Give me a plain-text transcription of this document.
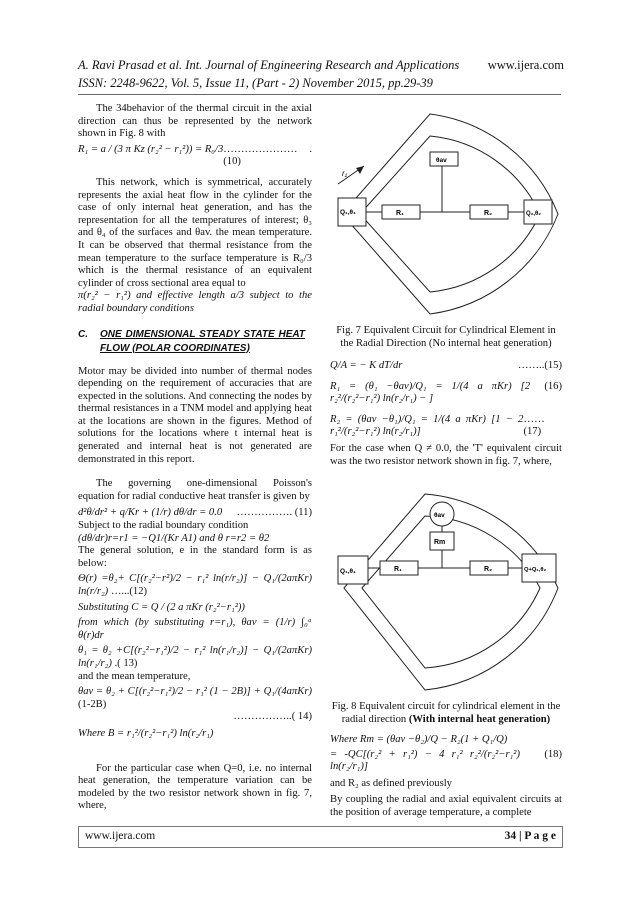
A. Ravi Prasad et al. Int. Journal of Engineering Research and Applications www.ijera.com
ISSN: 2248-9622, Vol. 5, Issue 11, (Part - 2) November 2015, pp.29-39

The 34behavior of the thermal circuit in the axial direction can thus be represented by the network shown in Fig. 8 with

R₁ = a / (3 π Kz (r₂² − r₁²)) = R₀/3 ………………… .(10)

This network, which is symmetrical, accurately represents the axial heat flow in the cylinder for the case of only internal heat generation, and has the representation for all the temperatures of interest; θ₃ and θ₄ of the surfaces and θav. the mean temperature. It can be observed that thermal resistance from the mean temperature to the surface temperature is R₀/3 which is the thermal resistance of an equivalent cylinder of cross sectional area equal to

π(r₂² − r₁²) and effective length a/3 subject to the radial boundary conditions

C.	ONE DIMENSIONAL STEADY STATE HEAT FLOW (POLAR COORDINATES)

Motor may be divided into number of thermal nodes depending on the requirement of accuracies that are expected in the solutions. And connecting the nodes by thermal resistances in a TNM model and applying heat at the locations are shown in the figures. Method of solutions for the locations where t internal heat is generated and internal heat is not generated are demonstrated in this report.

The governing one-dimensional Poisson's equation for radial conductive heat transfer is given by

d²θ/dr² + q/Kr + (1/r) dθ/dr = 0.0 ……………. (11)

Subject to the radial boundary condition

(dθ/dr)r=r1 = −Q1/(Kr A1) and θ r=r2 = θ2

The general solution, e in the standard form is as below:

Θ(r) =θ₂+ C[(r₂²−r²)/2 − r₁² ln(r/r₂)] − Q₁/(2aπKr) ln(r/r₂) …...(12)

Substituting C = Q / (2 a πKr (r₂²−r₁²))

from which (by substituting r=r₁), θav = (1/r) ∫₀ᵃ θ(r)dr

θ₁ = θ₂ +C[(r₂²−r₁²)/2 − r₁² ln(r₁/r₂)] − Q₁/(2aπKr) ln(r₁/r₂) .( 13)

and the mean temperature,

θav = θ₂ + C[(r₂²−r₁²)/2 − r₁² (1 − 2B)] + Q₁/(4aπKr) (1-2B)
……………..( 14)

Where B = r₁²/(r₂²−r₁²) ln(r₂/r₁)

For the particular case when Q=0, i.e. no internal heat generation, the temperature variation can be modeled by the two resistor network shown in fig. 7, where,

r₁
Q₁,θ₁	R₁	R₂
θav
Q₂,θ₂
Fig. 7 Equivalent Circuit for Cylindrical Element in the Radial Direction (No internal heat generation)
Q/A = − K dT/dr	……..(15)
R₁ = (θ₁ −θav)/Q₁ = 1/(4 a πKr) [2 r₂²/(r₂²−r₁²) ln(r₂/r₁) − ]
(16)
R₂ = (θav −θ₁)/Q₁ = 1/(4 a πKr) [1 − 2 r₁²/(r₂²−r₁²) ln(r₂/r₁)]
……(17)

For the case when Q ≠ 0.0, the 'T' equivalent circuit was the two resistor network shown in fig. 7, where,

θav
Rm
Q₁,θ₁	R₁	R₂	Q+Q₁,θ₂
Fig. 8 Equivalent circuit for cylindrical element in the radial direction (With internal heat generation)

Where Rm = (θav −θ₂)/Q − R₂(1 + Q₁/Q)

= -QC[(r₂² + r₁²) − 4 r₁² r₂²/(r₂²−r₁²) ln(r₂/r₁)]
(18)

and R₂ as defined previously

By coupling the radial and axial equivalent circuits at the position of average temperature, a complete

www.ijera.com	34 | P a g e
